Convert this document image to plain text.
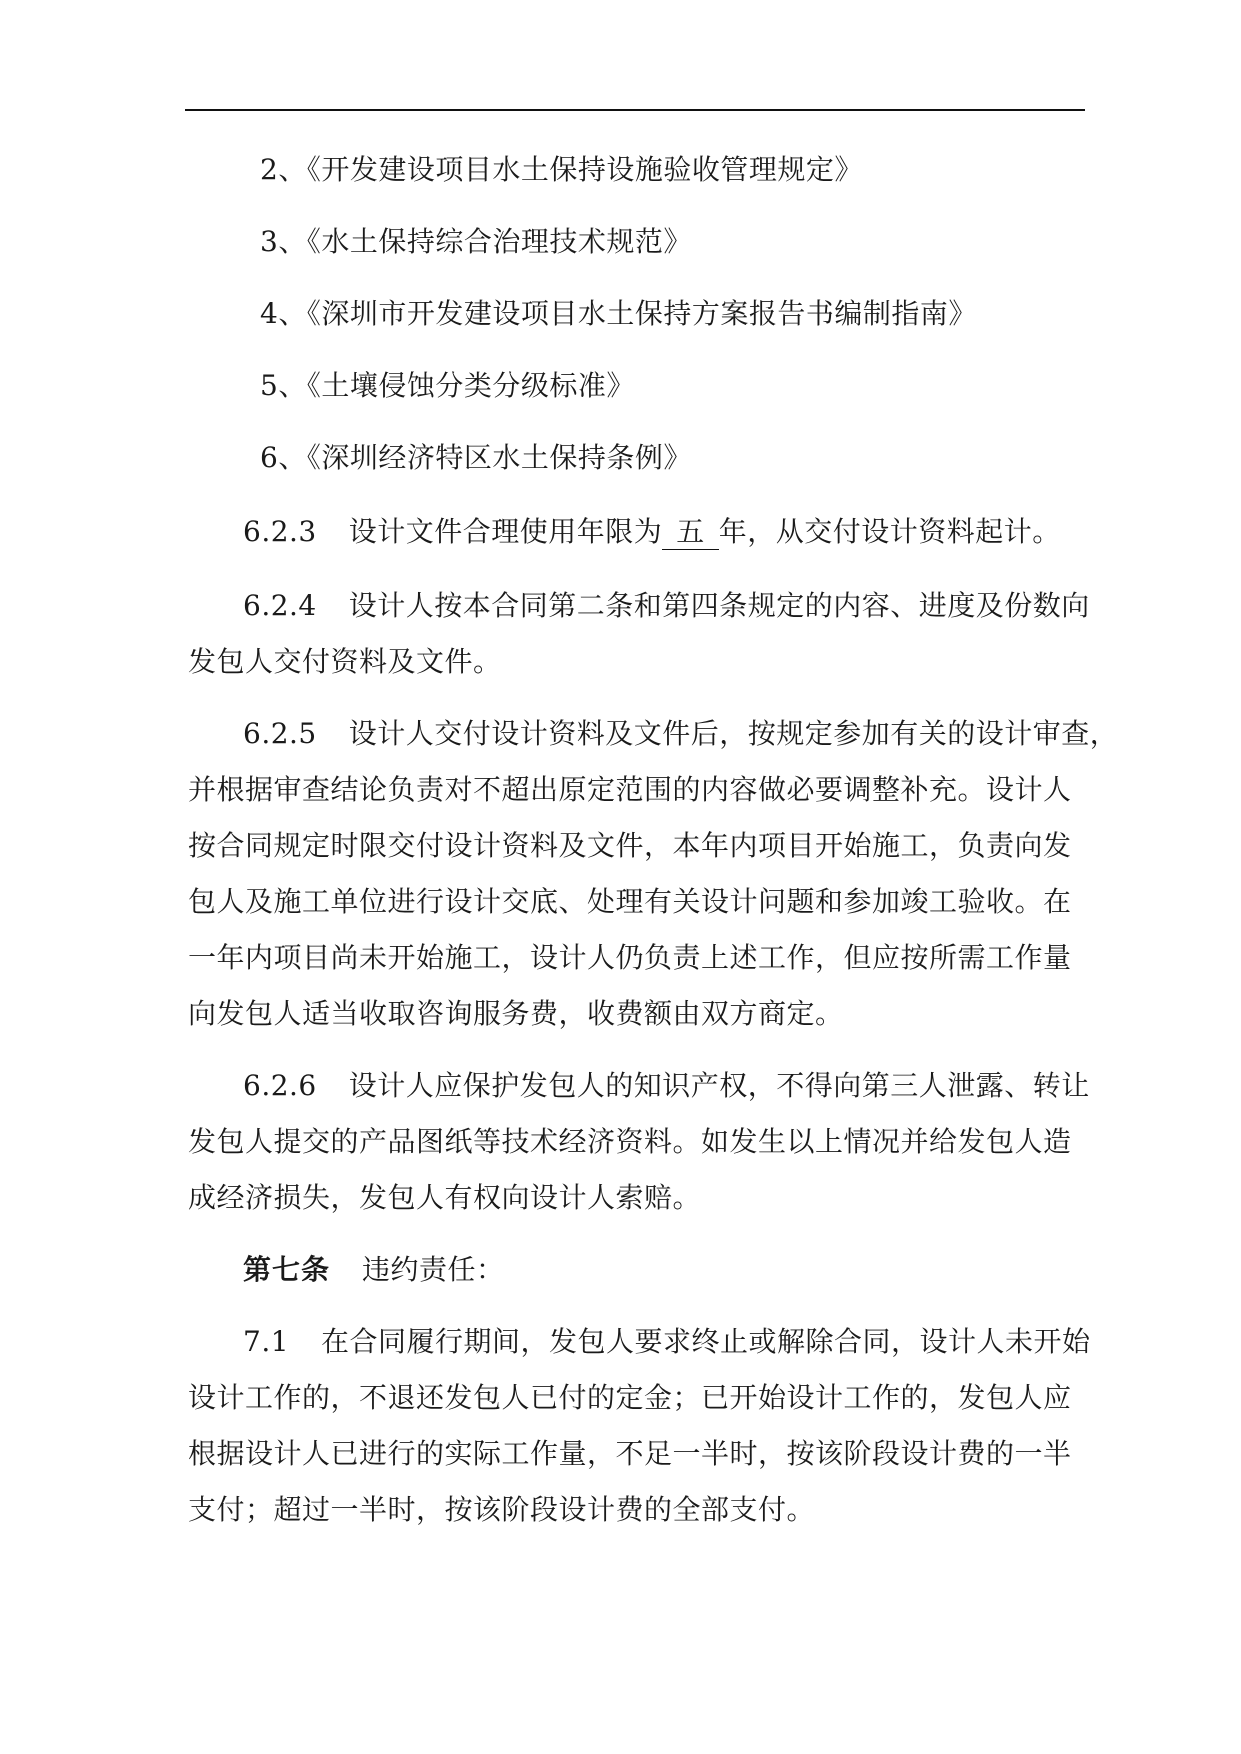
2、《开发建设项目水土保持设施验收管理规定》
3、《水土保持综合治理技术规范》
4、《深圳市开发建设项目水土保持方案报告书编制指南》
5、《土壤侵蚀分类分级标准》
6、《深圳经济特区水土保持条例》
6.2.3 设计文件合理使用年限为 五 年，从交付设计资料起计。
6.2.4 设计人按本合同第二条和第四条规定的内容、进度及份数向
发包人交付资料及文件。
6.2.5 设计人交付设计资料及文件后，按规定参加有关的设计审查，
并根据审查结论负责对不超出原定范围的内容做必要调整补充。设计人
按合同规定时限交付设计资料及文件，本年内项目开始施工，负责向发
包人及施工单位进行设计交底、处理有关设计问题和参加竣工验收。在
一年内项目尚未开始施工，设计人仍负责上述工作，但应按所需工作量
向发包人适当收取咨询服务费，收费额由双方商定。
6.2.6 设计人应保护发包人的知识产权，不得向第三人泄露、转让
发包人提交的产品图纸等技术经济资料。如发生以上情况并给发包人造
成经济损失，发包人有权向设计人索赔。
第七条 违约责任：
7.1 在合同履行期间，发包人要求终止或解除合同，设计人未开始
设计工作的，不退还发包人已付的定金；已开始设计工作的，发包人应
根据设计人已进行的实际工作量，不足一半时，按该阶段设计费的一半
支付；超过一半时，按该阶段设计费的全部支付。
